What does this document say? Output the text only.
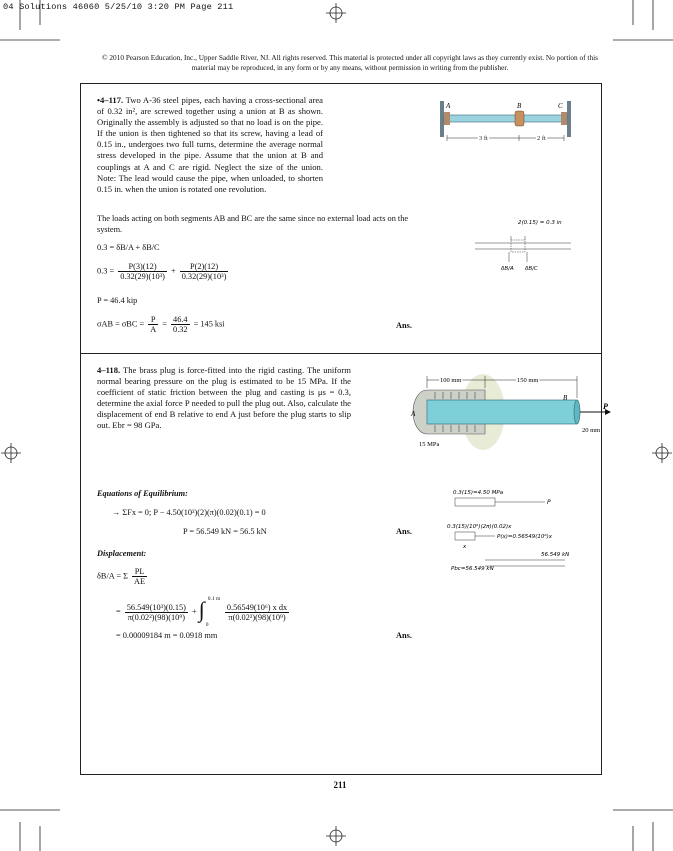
04 Solutions 46060 5/25/10 3:20 PM Page 211
© 2010 Pearson Education, Inc., Upper Saddle River, NJ. All rights reserved. This material is protected under all copyright laws as they currently exist. No portion of this material may be reproduced, in any form or by any means, without permission in writing from the publisher.
•4–117. Two A-36 steel pipes, each having a cross-sectional area of 0.32 in², are screwed together using a union at B as shown. Originally the assembly is adjusted so that no load is on the pipe. If the union is then tightened so that its screw, having a lead of 0.15 in., undergoes two full turns, determine the average normal stress developed in the pipe. Assume that the union at B and couplings at A and C are rigid. Neglect the size of the union. Note: The lead would cause the pipe, when unloaded, to shorten 0.15 in. when the union is rotated one revolution.
A	B	C
3 ft	2 ft
The loads acting on both segments AB and BC are the same since no external load acts on the system.
2(0.15) = 0.3 in
δB/A δB/C
0.3 = δB/A + δB/C
$0.3 = \frac{P(3)(12)}{\text{0.32(29)(10³)}} + \frac{P(2)(12)}{\text{0.32(29)(10³)}}$
P = 46.4 kip
$\sigma AB = \sigma BC = \frac{P}{A} = \frac{46.4}{0.32} = 145$ ksi	Ans.
4–118. The brass plug is force-fitted into the rigid casting. The uniform normal bearing pressure on the plug is estimated to be 15 MPa. If the coefficient of static friction between the plug and casting is μs = 0.3, determine the axial force P needed to pull the plug out. Also, calculate the displacement of end B relative to end A just before the plug starts to slip out. Ebr = 98 GPa.
100 mm	150 mm
A
B
P
15 MPa
20 mm
Equations of Equilibrium:
→ ΣFx = 0; P − 4.50(10³)(2)(π)(0.02)(0.1) = 0
P = 56.549 kN = 56.5 kN	Ans.
Displacement:
δB/A = Σ $\frac{PL}{AE}$
= $\frac{\text{56.549(10³)(0.15)}}{\text{π(0.02²)(98)(10⁹)}}$ + ∫ 0.1 m
0

$\frac{\text{0.56549(10⁶) x dx}}{\text{π(0.02²)(98)(10⁹)}}$
= 0.00009184 m = 0.0918 mm	Ans.
0.3(15)=4.50 MPa
P
0.3(15)(10⁶)(2π)(0.02)x
P(x)=0.56549(10⁶)x
x
56.549 kN
Pbc=56.549 kN
211
